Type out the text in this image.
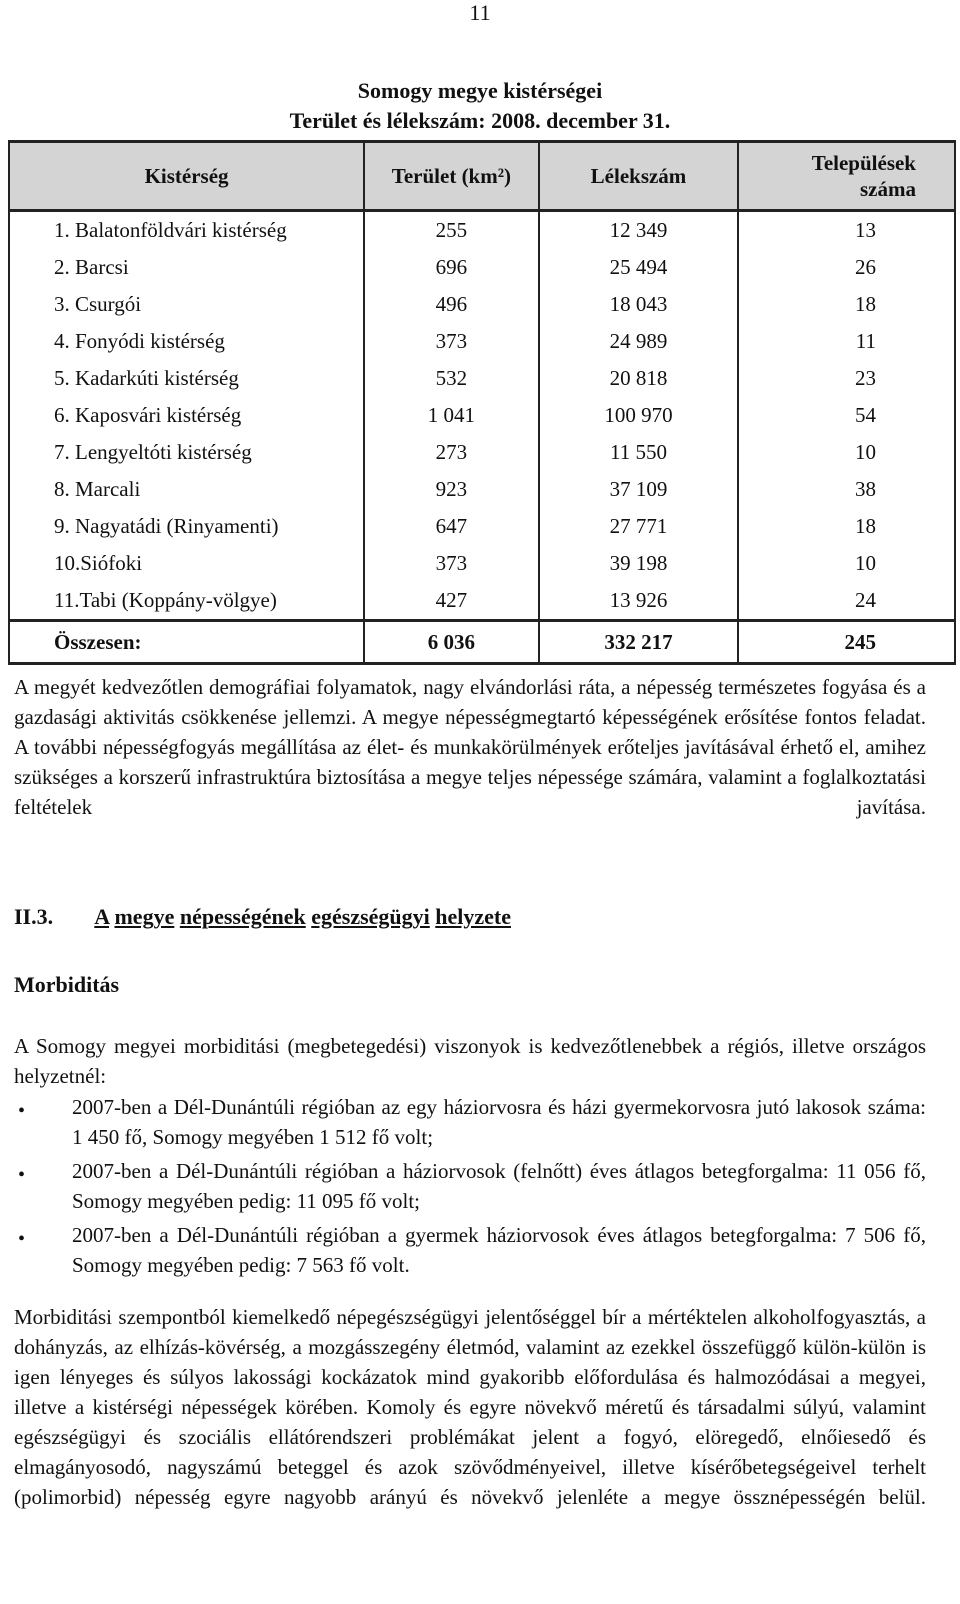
11
Somogy megye kistérségei
Terület és lélekszám: 2008. december 31.
Kistérség	Terület (km²)	Lélekszám	Települések
száma

1. Balatonföldvári kistérség	255	12 349	13
2. Barcsi	696	25 494	26
3. Csurgói	496	18 043	18
4. Fonyódi kistérség	373	24 989	11
5. Kadarkúti kistérség	532	20 818	23
6. Kaposvári kistérség	1 041	100 970	54
7. Lengyeltóti kistérség	273	11 550	10
8. Marcali	923	37 109	38
9. Nagyatádi (Rinyamenti)	647	27 771	18
10.Siófoki	373	39 198	10
11.Tabi (Koppány-völgye)	427	13 926	24
Összesen:	6 036	332 217	245
A megyét kedvezőtlen demográfiai folyamatok, nagy elvándorlási ráta, a népesség természetes fogyása és a gazdasági aktivitás csökkenése jellemzi. A megye népességmegtartó képességének erősítése fontos feladat. A további népességfogyás megállítása az élet- és munkakörülmények erőteljes javításával érhető el, amihez szükséges a korszerű infrastruktúra biztosítása a megye teljes népessége számára, valamint a foglalkoztatási feltételek javítása.
II.3. A megye népességének egészségügyi helyzete
Morbiditás
A Somogy megyei morbiditási (megbetegedési) viszonyok is kedvezőtlenebbek a régiós, illetve országos helyzetnél:
• 2007-ben a Dél-Dunántúli régióban az egy háziorvosra és házi gyermekorvosra jutó lakosok száma: 1 450 fő, Somogy megyében 1 512 fő volt;
• 2007-ben a Dél-Dunántúli régióban a háziorvosok (felnőtt) éves átlagos betegforgalma: 11 056 fő, Somogy megyében pedig: 11 095 fő volt;
• 2007-ben a Dél-Dunántúli régióban a gyermek háziorvosok éves átlagos betegforgalma: 7 506 fő, Somogy megyében pedig: 7 563 fő volt.
Morbiditási szempontból kiemelkedő népegészségügyi jelentőséggel bír a mértéktelen alkoholfogyasztás, a dohányzás, az elhízás-kövérség, a mozgásszegény életmód, valamint az ezekkel összefüggő külön-külön is igen lényeges és súlyos lakossági kockázatok mind gyakoribb előfordulása és halmozódásai a megyei, illetve a kistérségi népességek körében. Komoly és egyre növekvő méretű és társadalmi súlyú, valamint egészségügyi és szociális ellátórendszeri problémákat jelent a fogyó, elöregedő, elnőiesedő és elmagányosodó, nagyszámú beteggel és azok szövődményeivel, illetve kísérőbetegségeivel terhelt (polimorbid) népesség egyre nagyobb arányú és növekvő jelenléte a megye össznépességén belül.
